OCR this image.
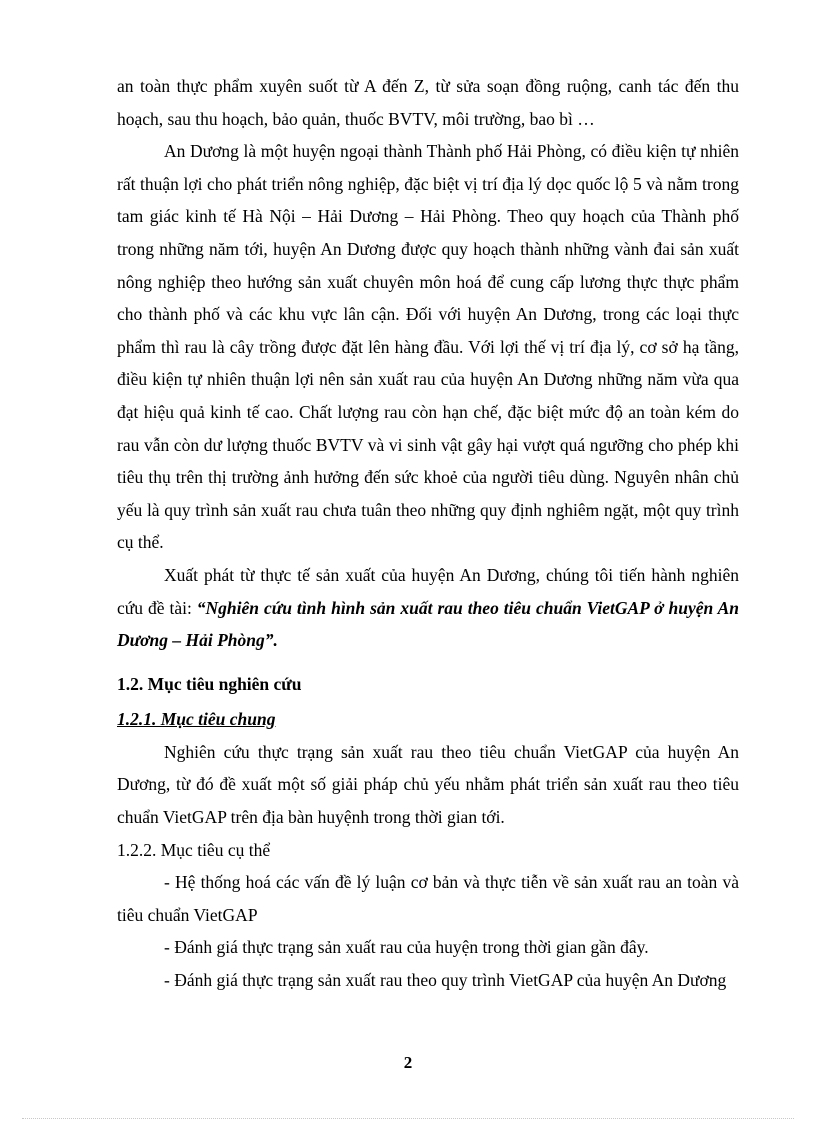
an toàn thực phẩm xuyên suốt từ A đến Z, từ sửa soạn đồng ruộng, canh tác đến thu hoạch, sau thu hoạch, bảo quản, thuốc BVTV, môi trường, bao bì …

An Dương là một huyện ngoại thành Thành phố Hải Phòng, có điều kiện tự nhiên rất thuận lợi cho phát triển nông nghiệp, đặc biệt vị trí địa lý dọc quốc lộ 5 và nằm trong tam giác kinh tế Hà Nội – Hải Dương – Hải Phòng. Theo quy hoạch của Thành phố trong những năm tới, huyện An Dương được quy hoạch thành những vành đai sản xuất nông nghiệp theo hướng sản xuất chuyên môn hoá để cung cấp lương thực thực phẩm cho thành phố và các khu vực lân cận. Đối với huyện An Dương, trong các loại thực phẩm thì rau là cây trồng được đặt lên hàng đầu. Với lợi thế vị trí địa lý, cơ sở hạ tầng, điều kiện tự nhiên thuận lợi nên sản xuất rau của huyện An Dương những năm vừa qua đạt hiệu quả kinh tế cao. Chất lượng rau còn hạn chế, đặc biệt mức độ an toàn kém do rau vẫn còn dư lượng thuốc BVTV và vi sinh vật gây hại vượt quá ngưỡng cho phép khi tiêu thụ trên thị trường ảnh hưởng đến sức khoẻ của người tiêu dùng. Nguyên nhân chủ yếu là quy trình sản xuất rau chưa tuân theo những quy định nghiêm ngặt, một quy trình cụ thể.

Xuất phát từ thực tế sản xuất của huyện An Dương, chúng tôi tiến hành nghiên cứu đề tài: “Nghiên cứu tình hình sản xuất rau theo tiêu chuẩn VietGAP ở huyện An Dương – Hải Phòng”.

1.2. Mục tiêu nghiên cứu

1.2.1. Mục tiêu chung

Nghiên cứu thực trạng sản xuất rau theo tiêu chuẩn VietGAP của huyện An Dương, từ đó đề xuất một số giải pháp chủ yếu nhằm phát triển sản xuất rau theo tiêu chuẩn VietGAP trên địa bàn huyệnh trong thời gian tới.

1.2.2. Mục tiêu cụ thể

- Hệ thống hoá các vấn đề lý luận cơ bản và thực tiễn về sản xuất rau an toàn và tiêu chuẩn VietGAP

- Đánh giá thực trạng sản xuất rau của huyện trong thời gian gần đây.

- Đánh giá thực trạng sản xuất rau theo quy trình VietGAP của huyện An Dương

2
